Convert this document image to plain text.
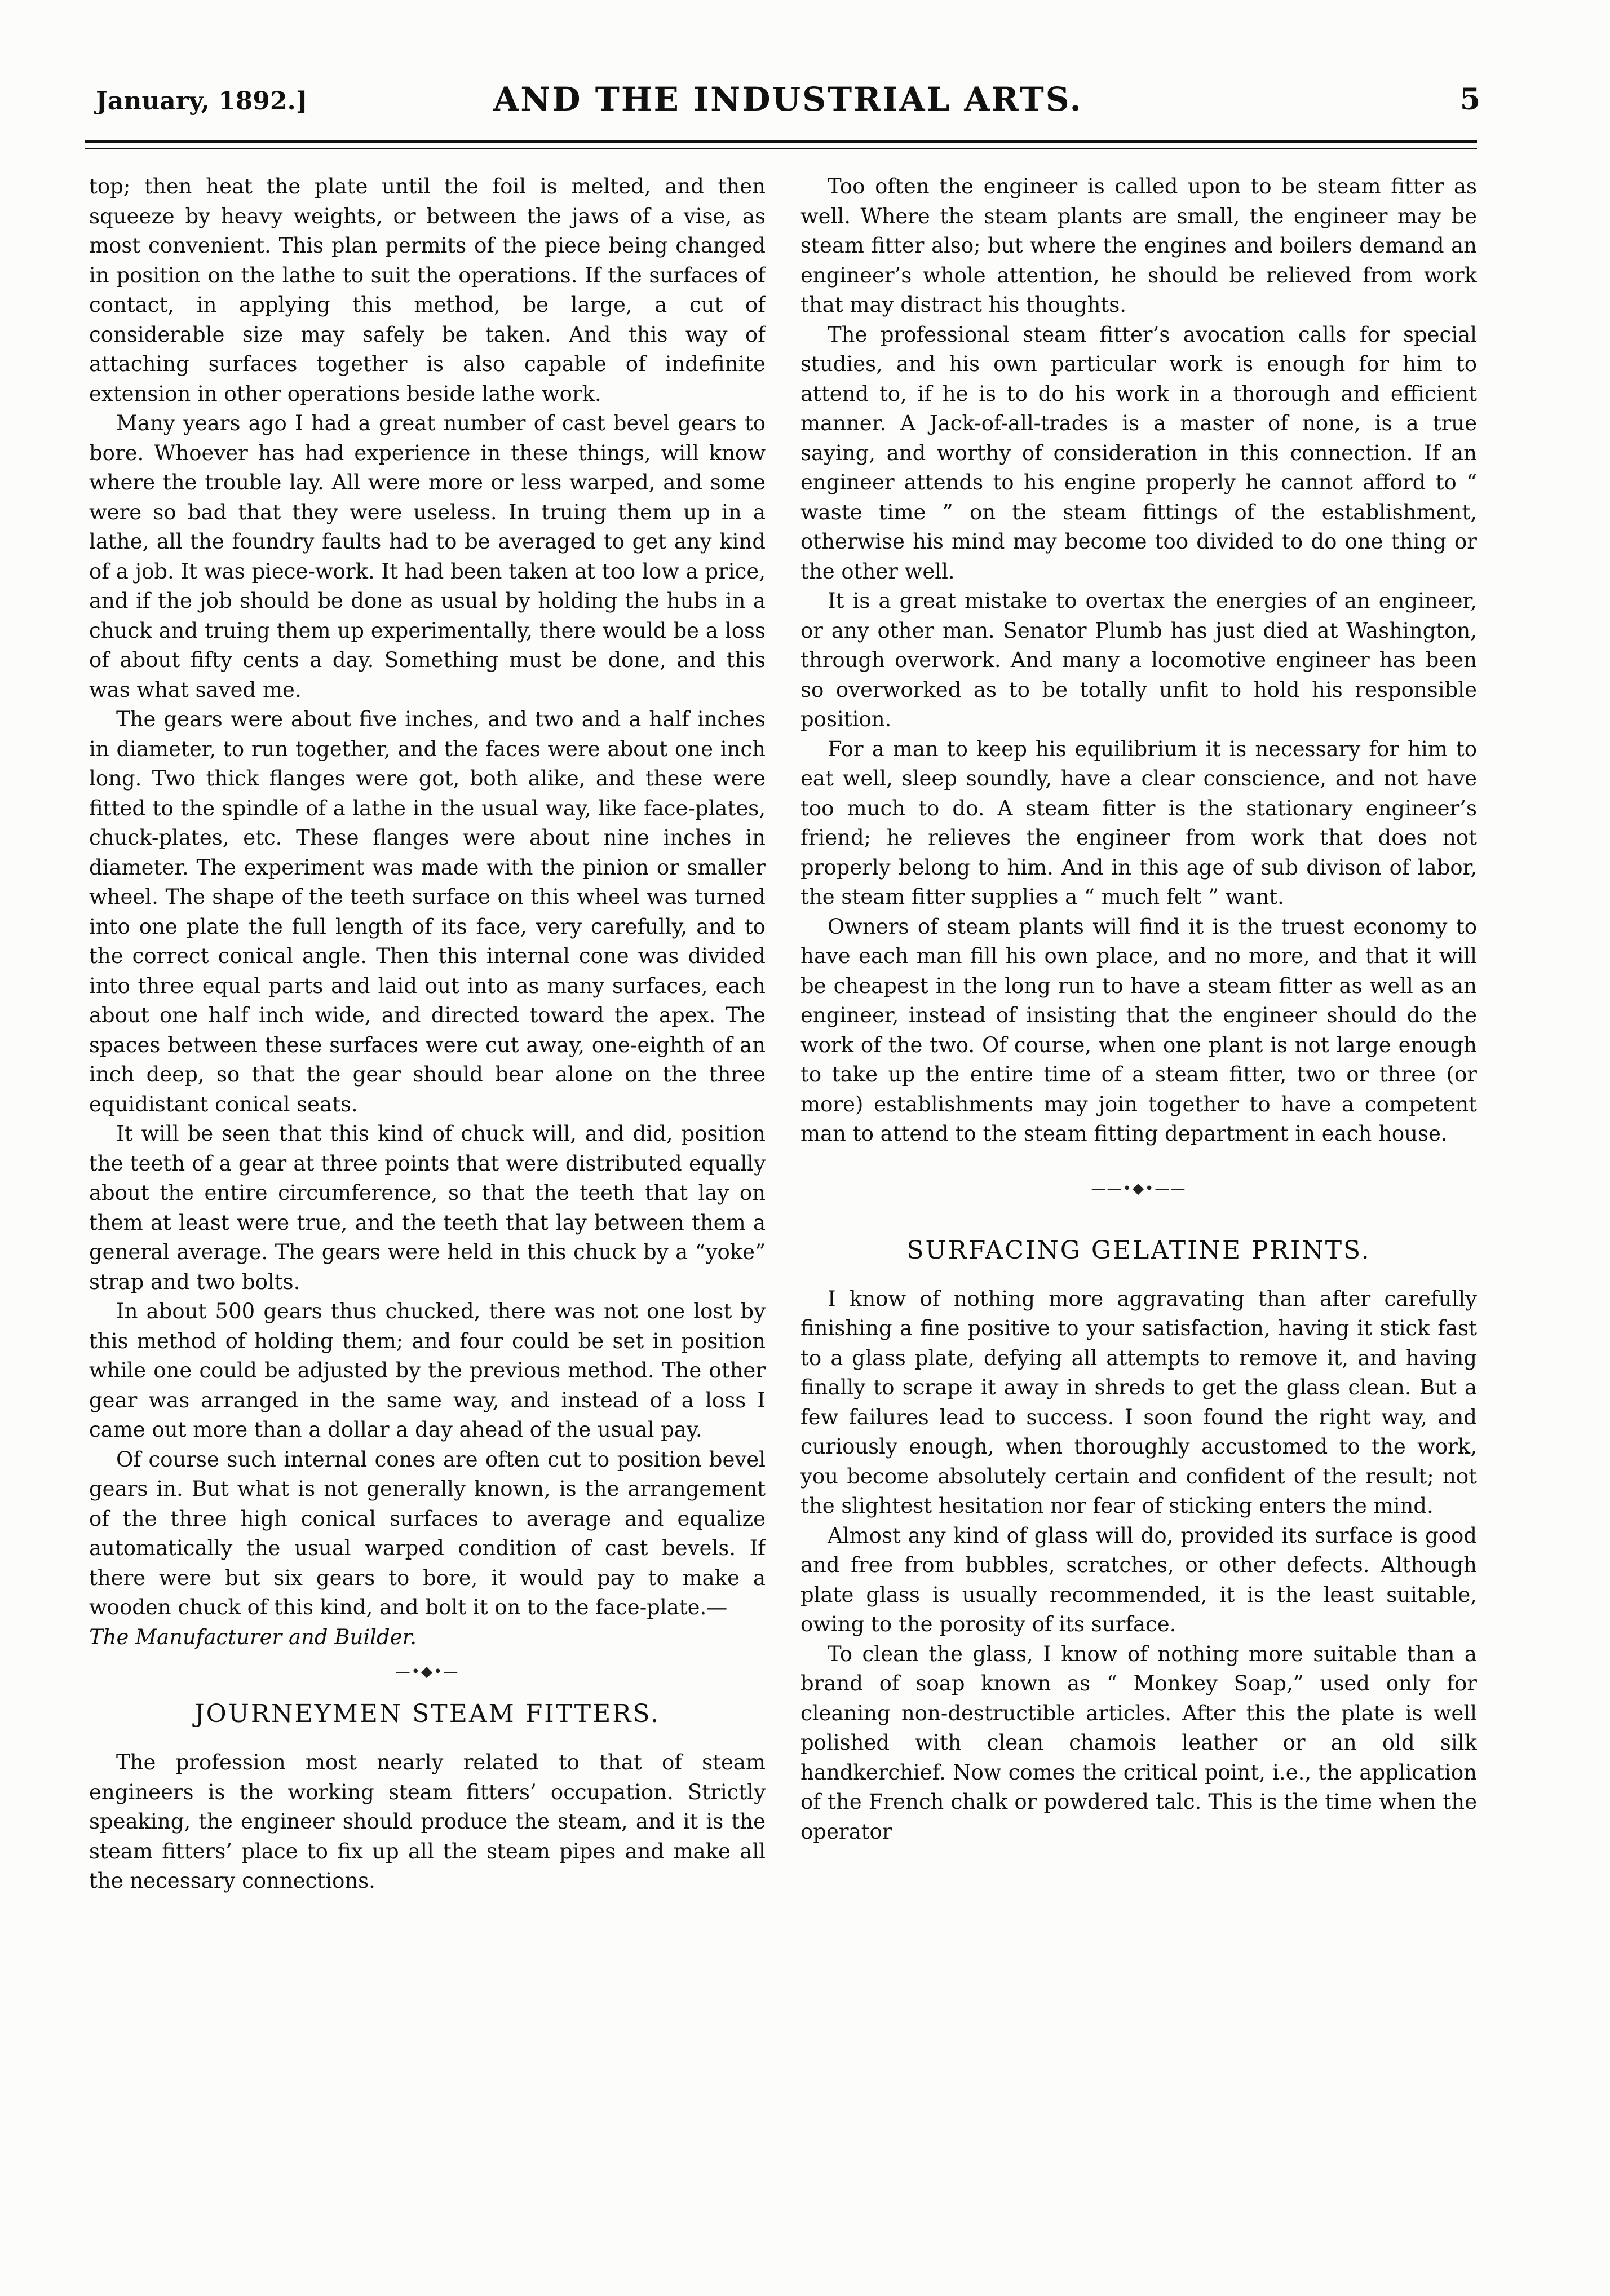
January, 1892.]	AND THE INDUSTRIAL ARTS.	5

top; then heat the plate until the foil is melted, and then squeeze by heavy weights, or between the jaws of a vise, as most convenient. This plan permits of the piece being changed in position on the lathe to suit the operations. If the surfaces of contact, in applying this method, be large, a cut of considerable size may safely be taken. And this way of attaching surfaces together is also capable of indefinite extension in other operations beside lathe work.

Many years ago I had a great number of cast bevel gears to bore. Whoever has had experience in these things, will know where the trouble lay. All were more or less warped, and some were so bad that they were useless. In truing them up in a lathe, all the foundry faults had to be averaged to get any kind of a job. It was piece-work. It had been taken at too low a price, and if the job should be done as usual by holding the hubs in a chuck and truing them up experimentally, there would be a loss of about fifty cents a day. Something must be done, and this was what saved me.

The gears were about five inches, and two and a half inches in diameter, to run together, and the faces were about one inch long. Two thick flanges were got, both alike, and these were fitted to the spindle of a lathe in the usual way, like face-plates, chuck-plates, etc. These flanges were about nine inches in diameter. The experiment was made with the pinion or smaller wheel. The shape of the teeth surface on this wheel was turned into one plate the full length of its face, very carefully, and to the correct conical angle. Then this internal cone was divided into three equal parts and laid out into as many surfaces, each about one half inch wide, and directed toward the apex. The spaces between these surfaces were cut away, one-eighth of an inch deep, so that the gear should bear alone on the three equidistant conical seats.

It will be seen that this kind of chuck will, and did, position the teeth of a gear at three points that were distributed equally about the entire circumference, so that the teeth that lay on them at least were true, and the teeth that lay between them a general average. The gears were held in this chuck by a “yoke” strap and two bolts.

In about 500 gears thus chucked, there was not one lost by this method of holding them; and four could be set in position while one could be adjusted by the previous method. The other gear was arranged in the same way, and instead of a loss I came out more than a dollar a day ahead of the usual pay.

Of course such internal cones are often cut to position bevel gears in. But what is not generally known, is the arrangement of the three high conical surfaces to average and equalize automatically the usual warped condition of cast bevels. If there were but six gears to bore, it would pay to make a wooden chuck of this kind, and bolt it on to the face-plate.—

The Manufacturer and Builder.

—•◆•—
JOURNEYMEN STEAM FITTERS.

The profession most nearly related to that of steam engineers is the working steam fitters’ occupation. Strictly speaking, the engineer should produce the steam, and it is the steam fitters’ place to fix up all the steam pipes and make all the necessary connections.

Too often the engineer is called upon to be steam fitter as well. Where the steam plants are small, the engineer may be steam fitter also; but where the engines and boilers demand an engineer’s whole attention, he should be relieved from work that may distract his thoughts.

The professional steam fitter’s avocation calls for special studies, and his own particular work is enough for him to attend to, if he is to do his work in a thorough and efficient manner. A Jack-of-all-trades is a master of none, is a true saying, and worthy of consideration in this connection. If an engineer attends to his engine properly he cannot afford to “ waste time ” on the steam fittings of the establishment, otherwise his mind may become too divided to do one thing or the other well.

It is a great mistake to overtax the energies of an engineer, or any other man. Senator Plumb has just died at Washington, through overwork. And many a locomotive engineer has been so overworked as to be totally unfit to hold his responsible position.

For a man to keep his equilibrium it is necessary for him to eat well, sleep soundly, have a clear conscience, and not have too much to do. A steam fitter is the stationary engineer’s friend; he relieves the engineer from work that does not properly belong to him. And in this age of sub divison of labor, the steam fitter supplies a “ much felt ” want.

Owners of steam plants will find it is the truest economy to have each man fill his own place, and no more, and that it will be cheapest in the long run to have a steam fitter as well as an engineer, instead of insisting that the engineer should do the work of the two. Of course, when one plant is not large enough to take up the entire time of a steam fitter, two or three (or more) establishments may join together to have a competent man to attend to the steam fitting department in each house.

——•◆•——
SURFACING GELATINE PRINTS.

I know of nothing more aggravating than after carefully finishing a fine positive to your satisfaction, having it stick fast to a glass plate, defying all attempts to remove it, and having finally to scrape it away in shreds to get the glass clean. But a few failures lead to success. I soon found the right way, and curiously enough, when thoroughly accustomed to the work, you become absolutely certain and confident of the result; not the slightest hesitation nor fear of sticking enters the mind.

Almost any kind of glass will do, provided its surface is good and free from bubbles, scratches, or other defects. Although plate glass is usually recommended, it is the least suitable, owing to the porosity of its surface.

To clean the glass, I know of nothing more suitable than a brand of soap known as “ Monkey Soap,” used only for cleaning non-destructible articles. After this the plate is well polished with clean chamois leather or an old silk handkerchief. Now comes the critical point, i.e., the application of the French chalk or powdered talc. This is the time when the operator
